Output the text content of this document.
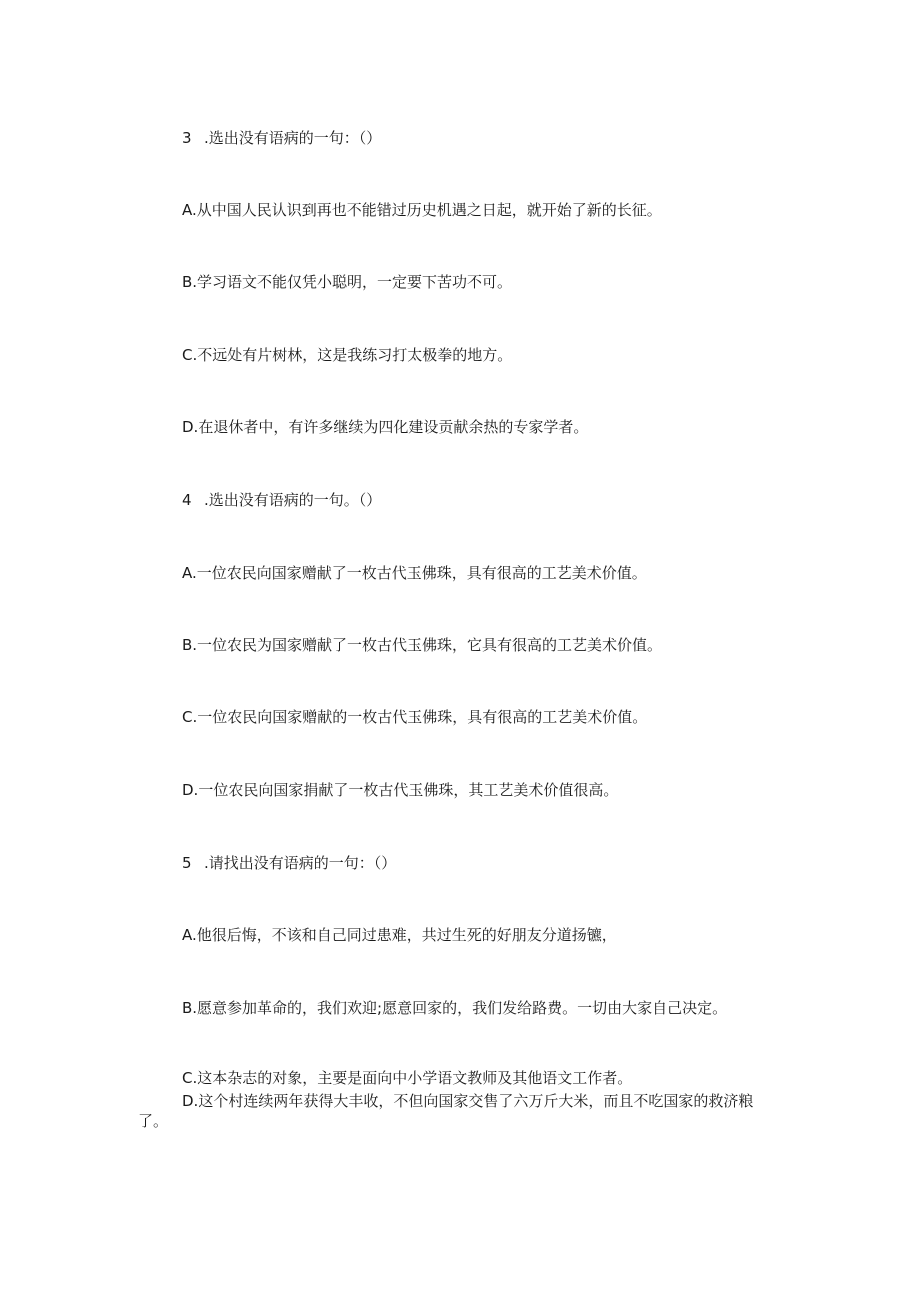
3 .选出没有语病的一句：（）

A.从中国人民认识到再也不能错过历史机遇之日起，就开始了新的长征。

B.学习语文不能仅凭小聪明，一定要下苦功不可。

C.不远处有片树林，这是我练习打太极拳的地方。

D.在退休者中，有许多继续为四化建设贡献余热的专家学者。

4 .选出没有语病的一句。（）

A.一位农民向国家赠献了一枚古代玉佛珠，具有很高的工艺美术价值。

B.一位农民为国家赠献了一枚古代玉佛珠，它具有很高的工艺美术价值。

C.一位农民向国家赠献的一枚古代玉佛珠，具有很高的工艺美术价值。

D.一位农民向国家捐献了一枚古代玉佛珠，其工艺美术价值很高。

5 .请找出没有语病的一句：（）

A.他很后悔，不该和自己同过患难，共过生死的好朋友分道扬镳，

B.愿意参加革命的，我们欢迎;愿意回家的，我们发给路费。一切由大家自己决定。

C.这本杂志的对象，主要是面向中小学语文教师及其他语文工作者。

D.这个村连续两年获得大丰收，不但向国家交售了六万斤大米，而且不吃国家的救济粮了。
